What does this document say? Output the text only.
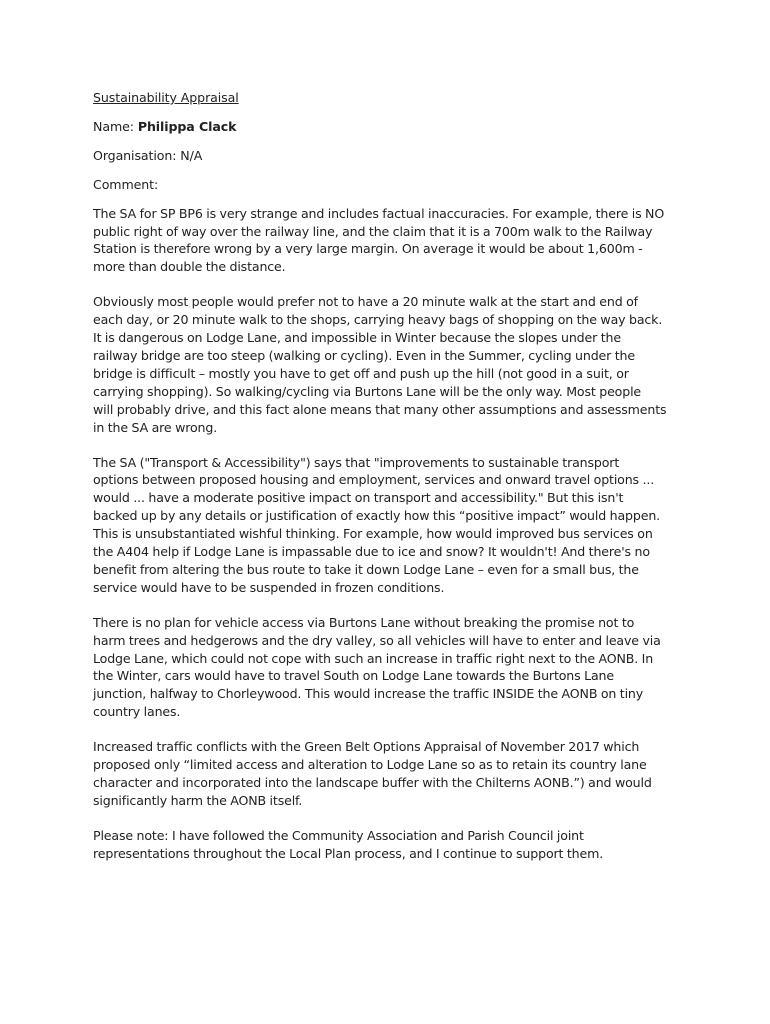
Sustainability Appraisal
Name: Philippa Clack
Organisation: N/A
Comment:
The SA for SP BP6 is very strange and includes factual inaccuracies. For example, there is NO
public right of way over the railway line, and the claim that it is a 700m walk to the Railway
Station is therefore wrong by a very large margin. On average it would be about 1,600m -
more than double the distance.
Obviously most people would prefer not to have a 20 minute walk at the start and end of
each day, or 20 minute walk to the shops, carrying heavy bags of shopping on the way back.
It is dangerous on Lodge Lane, and impossible in Winter because the slopes under the
railway bridge are too steep (walking or cycling). Even in the Summer, cycling under the
bridge is difficult – mostly you have to get off and push up the hill (not good in a suit, or
carrying shopping). So walking/cycling via Burtons Lane will be the only way. Most people
will probably drive, and this fact alone means that many other assumptions and assessments
in the SA are wrong.
The SA ("Transport & Accessibility") says that "improvements to sustainable transport
options between proposed housing and employment, services and onward travel options ...
would ... have a moderate positive impact on transport and accessibility." But this isn't
backed up by any details or justification of exactly how this “positive impact” would happen.
This is unsubstantiated wishful thinking. For example, how would improved bus services on
the A404 help if Lodge Lane is impassable due to ice and snow? It wouldn't! And there's no
benefit from altering the bus route to take it down Lodge Lane – even for a small bus, the
service would have to be suspended in frozen conditions.
There is no plan for vehicle access via Burtons Lane without breaking the promise not to
harm trees and hedgerows and the dry valley, so all vehicles will have to enter and leave via
Lodge Lane, which could not cope with such an increase in traffic right next to the AONB. In
the Winter, cars would have to travel South on Lodge Lane towards the Burtons Lane
junction, halfway to Chorleywood. This would increase the traffic INSIDE the AONB on tiny
country lanes.
Increased traffic conflicts with the Green Belt Options Appraisal of November 2017 which
proposed only “limited access and alteration to Lodge Lane so as to retain its country lane
character and incorporated into the landscape buffer with the Chilterns AONB.”) and would
significantly harm the AONB itself.
Please note: I have followed the Community Association and Parish Council joint
representations throughout the Local Plan process, and I continue to support them.
